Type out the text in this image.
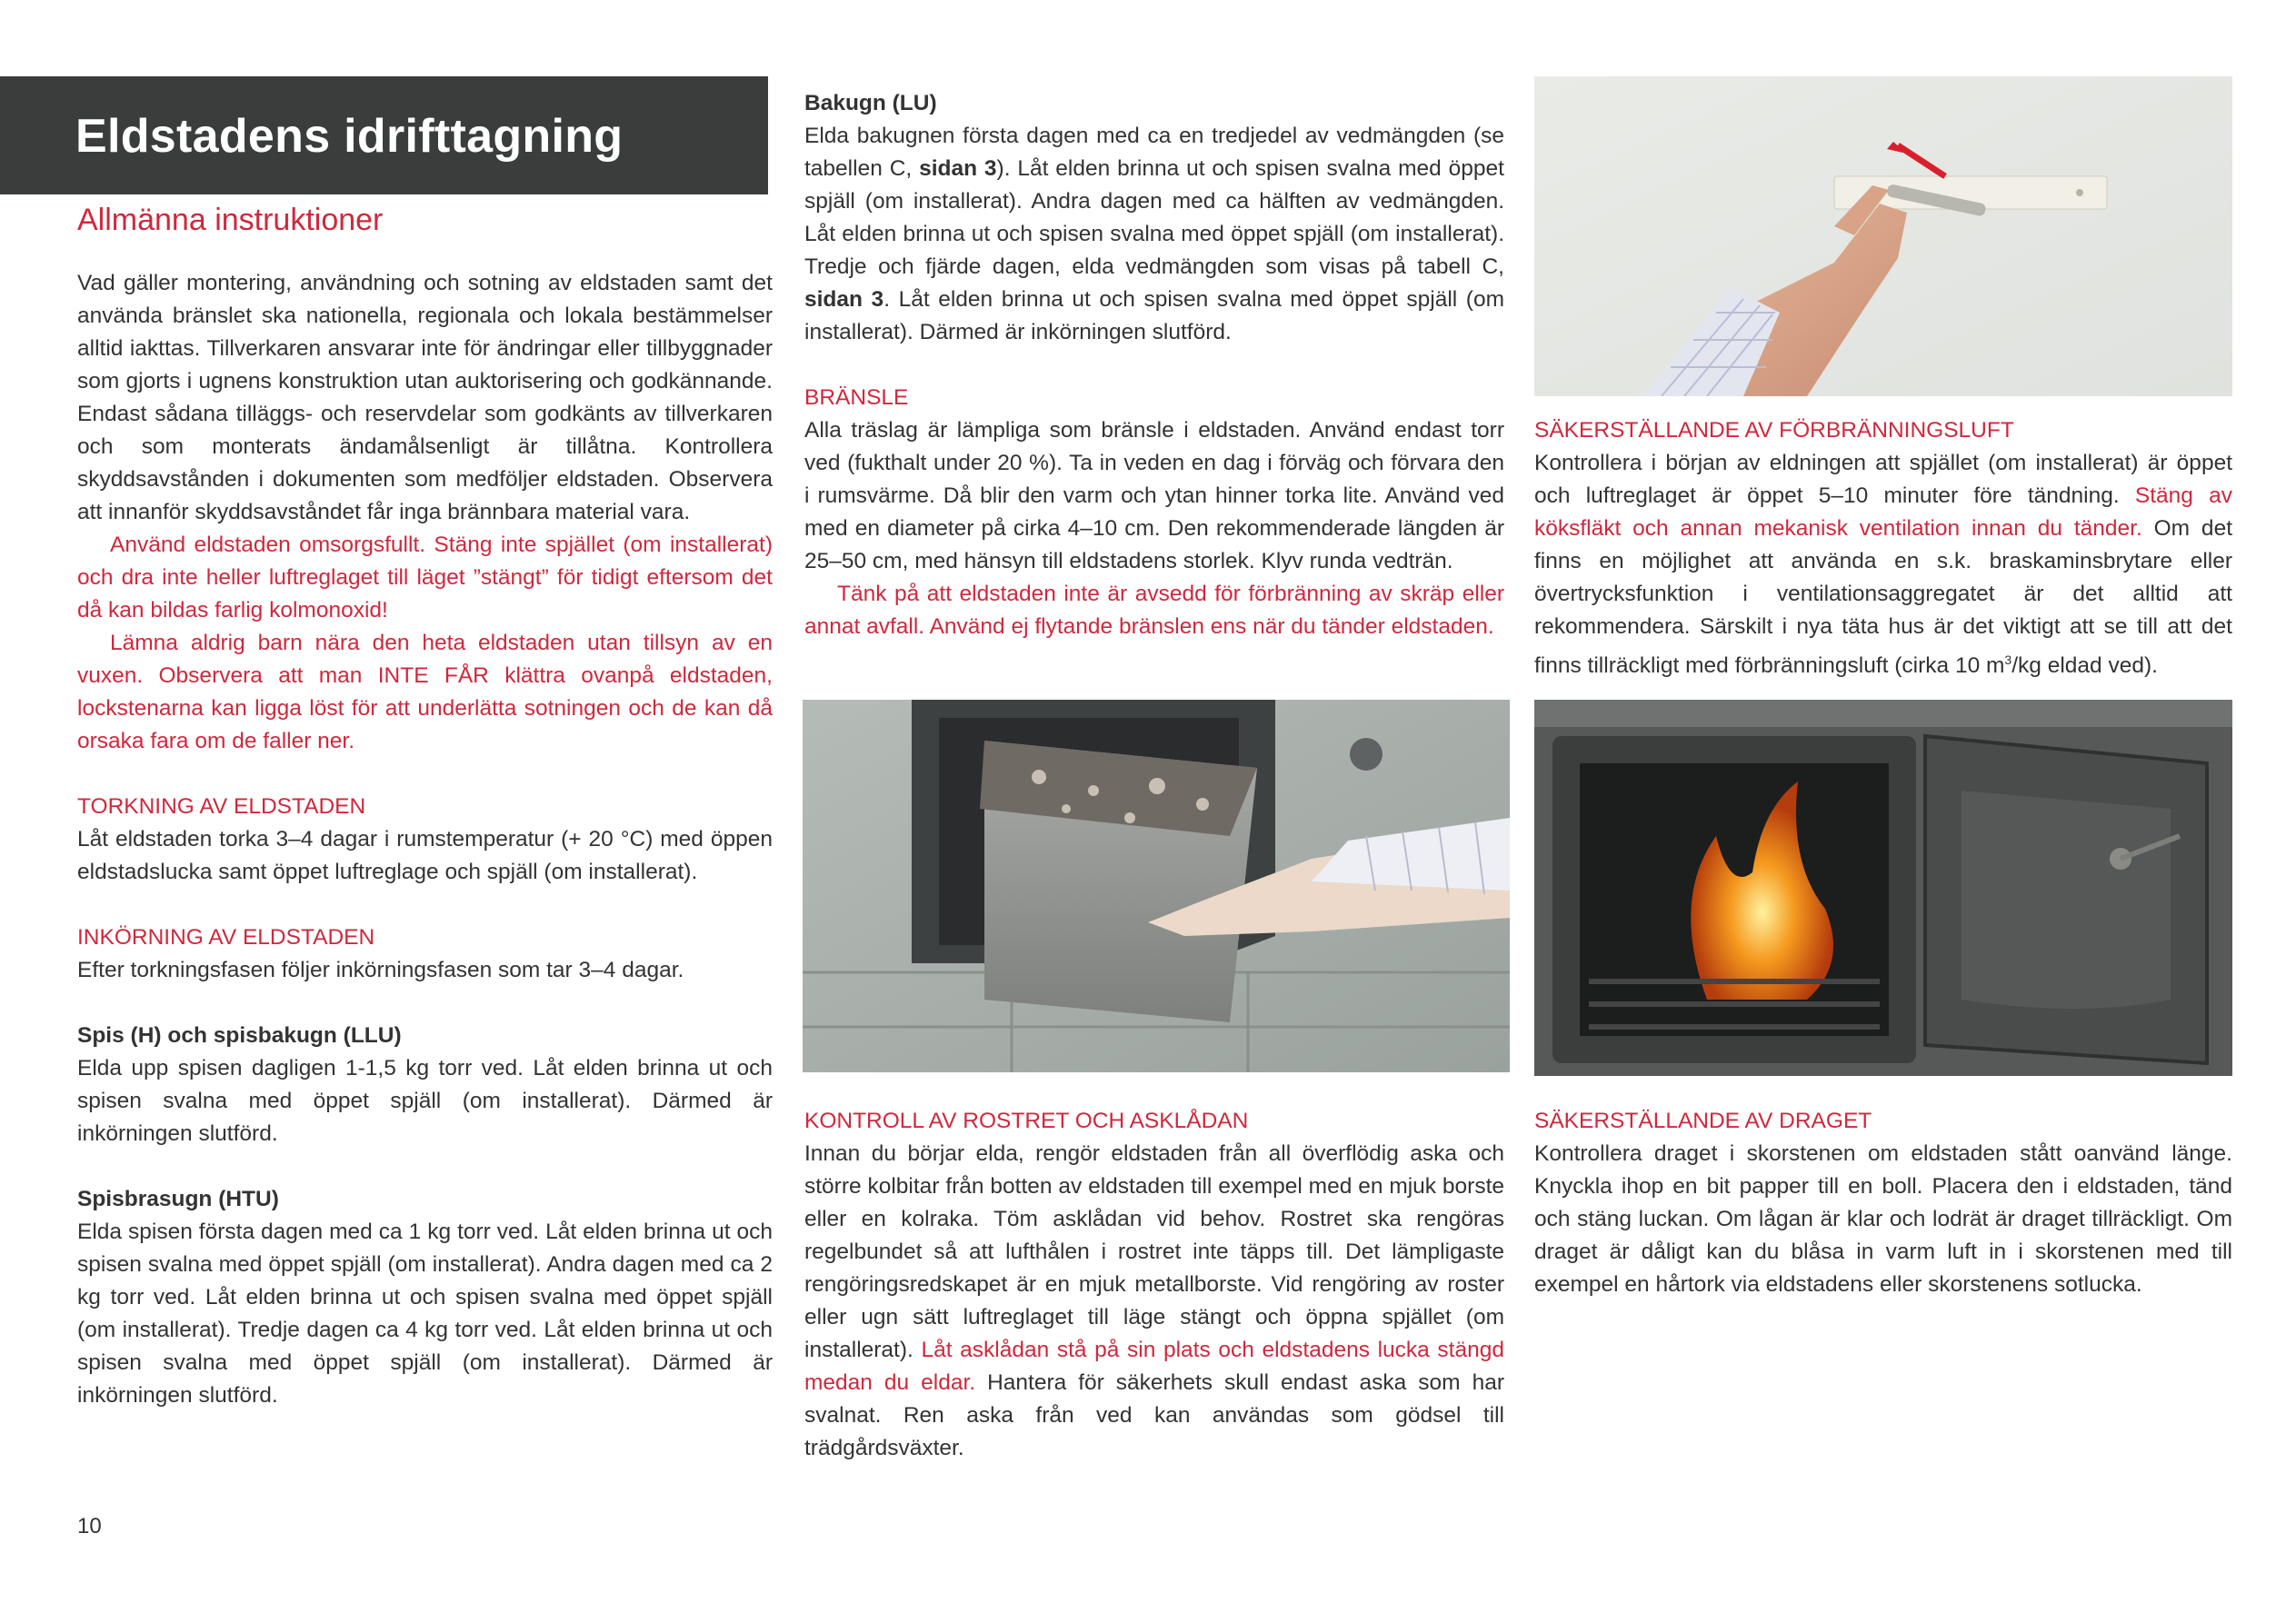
Eldstadens idrifttagning
Allmänna instruktioner

Vad gäller montering, användning och sotning av eldstaden samt det använda bränslet ska nationella, regionala och lokala bestämmelser alltid iakttas. Tillverkaren ansvarar inte för ändringar eller tillbyggnader som gjorts i ugnens konstruktion utan auktorisering och godkännande. Endast sådana tilläggs- och reservdelar som godkänts av tillverkaren och som monterats ändamålsenligt är tillåtna. Kontrollera skyddsavstånden i dokumenten som medföljer eldstaden. Observera att innanför skyddsavståndet får inga brännbara material vara.

Använd eldstaden omsorgsfullt. Stäng inte spjället (om installerat) och dra inte heller luftreglaget till läget ”stängt” för tidigt eftersom det då kan bildas farlig kolmonoxid!

Lämna aldrig barn nära den heta eldstaden utan tillsyn av en vuxen. Observera att man INTE FÅR klättra ovanpå eldstaden, lockstenarna kan ligga löst för att underlätta sotningen och de kan då orsaka fara om de faller ner.

TORKNING AV ELDSTADEN

Låt eldstaden torka 3–4 dagar i rumstemperatur (+ 20 °C) med öppen eldstadslucka samt öppet luftreglage och spjäll (om installerat).

INKÖRNING AV ELDSTADEN

Efter torkningsfasen följer inkörningsfasen som tar 3–4 dagar.

Spis (H) och spisbakugn (LLU)

Elda upp spisen dagligen 1-1,5 kg torr ved. Låt elden brinna ut och spisen svalna med öppet spjäll (om installerat). Därmed är inkörningen slutförd.

Spisbrasugn (HTU)

Elda spisen första dagen med ca 1 kg torr ved. Låt elden brinna ut och spisen svalna med öppet spjäll (om installerat). Andra dagen med ca 2 kg torr ved. Låt elden brinna ut och spisen svalna med öppet spjäll (om installerat). Tredje dagen ca 4 kg torr ved. Låt elden brinna ut och spisen svalna med öppet spjäll (om installerat). Därmed är inkörningen slutförd.

Bakugn (LU)

Elda bakugnen första dagen med ca en tredjedel av vedmängden (se tabellen C, sidan 3). Låt elden brinna ut och spisen svalna med öppet spjäll (om installerat). Andra dagen med ca hälften av vedmängden. Låt elden brinna ut och spisen svalna med öppet spjäll (om installerat). Tredje och fjärde dagen, elda vedmängden som visas på tabell C, sidan 3. Låt elden brinna ut och spisen svalna med öppet spjäll (om installerat). Därmed är inkörningen slutförd.

BRÄNSLE

Alla träslag är lämpliga som bränsle i eldstaden. Använd endast torr ved (fukthalt under 20 %). Ta in veden en dag i förväg och förvara den i rumsvärme. Då blir den varm och ytan hinner torka lite. Använd ved med en diameter på cirka 4–10 cm. Den rekommenderade längden är 25–50 cm, med hänsyn till eldstadens storlek. Klyv runda vedträn.

Tänk på att eldstaden inte är avsedd för förbränning av skräp eller annat avfall. Använd ej flytande bränslen ens när du tänder eldstaden.

KONTROLL AV ROSTRET OCH ASKLÅDAN

Innan du börjar elda, rengör eldstaden från all överflödig aska och större kolbitar från botten av eldstaden till exempel med en mjuk borste eller en kolraka. Töm asklådan vid behov. Rostret ska rengöras regelbundet så att lufthålen i rostret inte täpps till. Det lämpligaste rengöringsredskapet är en mjuk metallborste. Vid rengöring av roster eller ugn sätt luftreglaget till läge stängt och öppna spjället (om installerat). Låt asklådan stå på sin plats och eldstadens lucka stängd medan du eldar. Hantera för säkerhets skull endast aska som har svalnat. Ren aska från ved kan användas som gödsel till trädgårdsväxter.

SÄKERSTÄLLANDE AV FÖRBRÄNNINGSLUFT

Kontrollera i början av eldningen att spjället (om installerat) är öppet och luftreglaget är öppet 5–10 minuter före tändning. Stäng av köksfläkt och annan mekanisk ventilation innan du tänder. Om det finns en möjlighet att använda en s.k. braskaminsbrytare eller övertrycksfunktion i ventilationsaggregatet är det alltid att rekommendera. Särskilt i nya täta hus är det viktigt att se till att det finns tillräckligt med förbränningsluft (cirka 10 $m^3/kg$ eldad ved).

SÄKERSTÄLLANDE AV DRAGET

Kontrollera draget i skorstenen om eldstaden stått oanvänd länge. Knyckla ihop en bit papper till en boll. Placera den i eldstaden, tänd och stäng luckan. Om lågan är klar och lodrät är draget tillräckligt. Om draget är dåligt kan du blåsa in varm luft in i skorstenen med till exempel en hårtork via eldstadens eller skorstenens sotlucka.

10
